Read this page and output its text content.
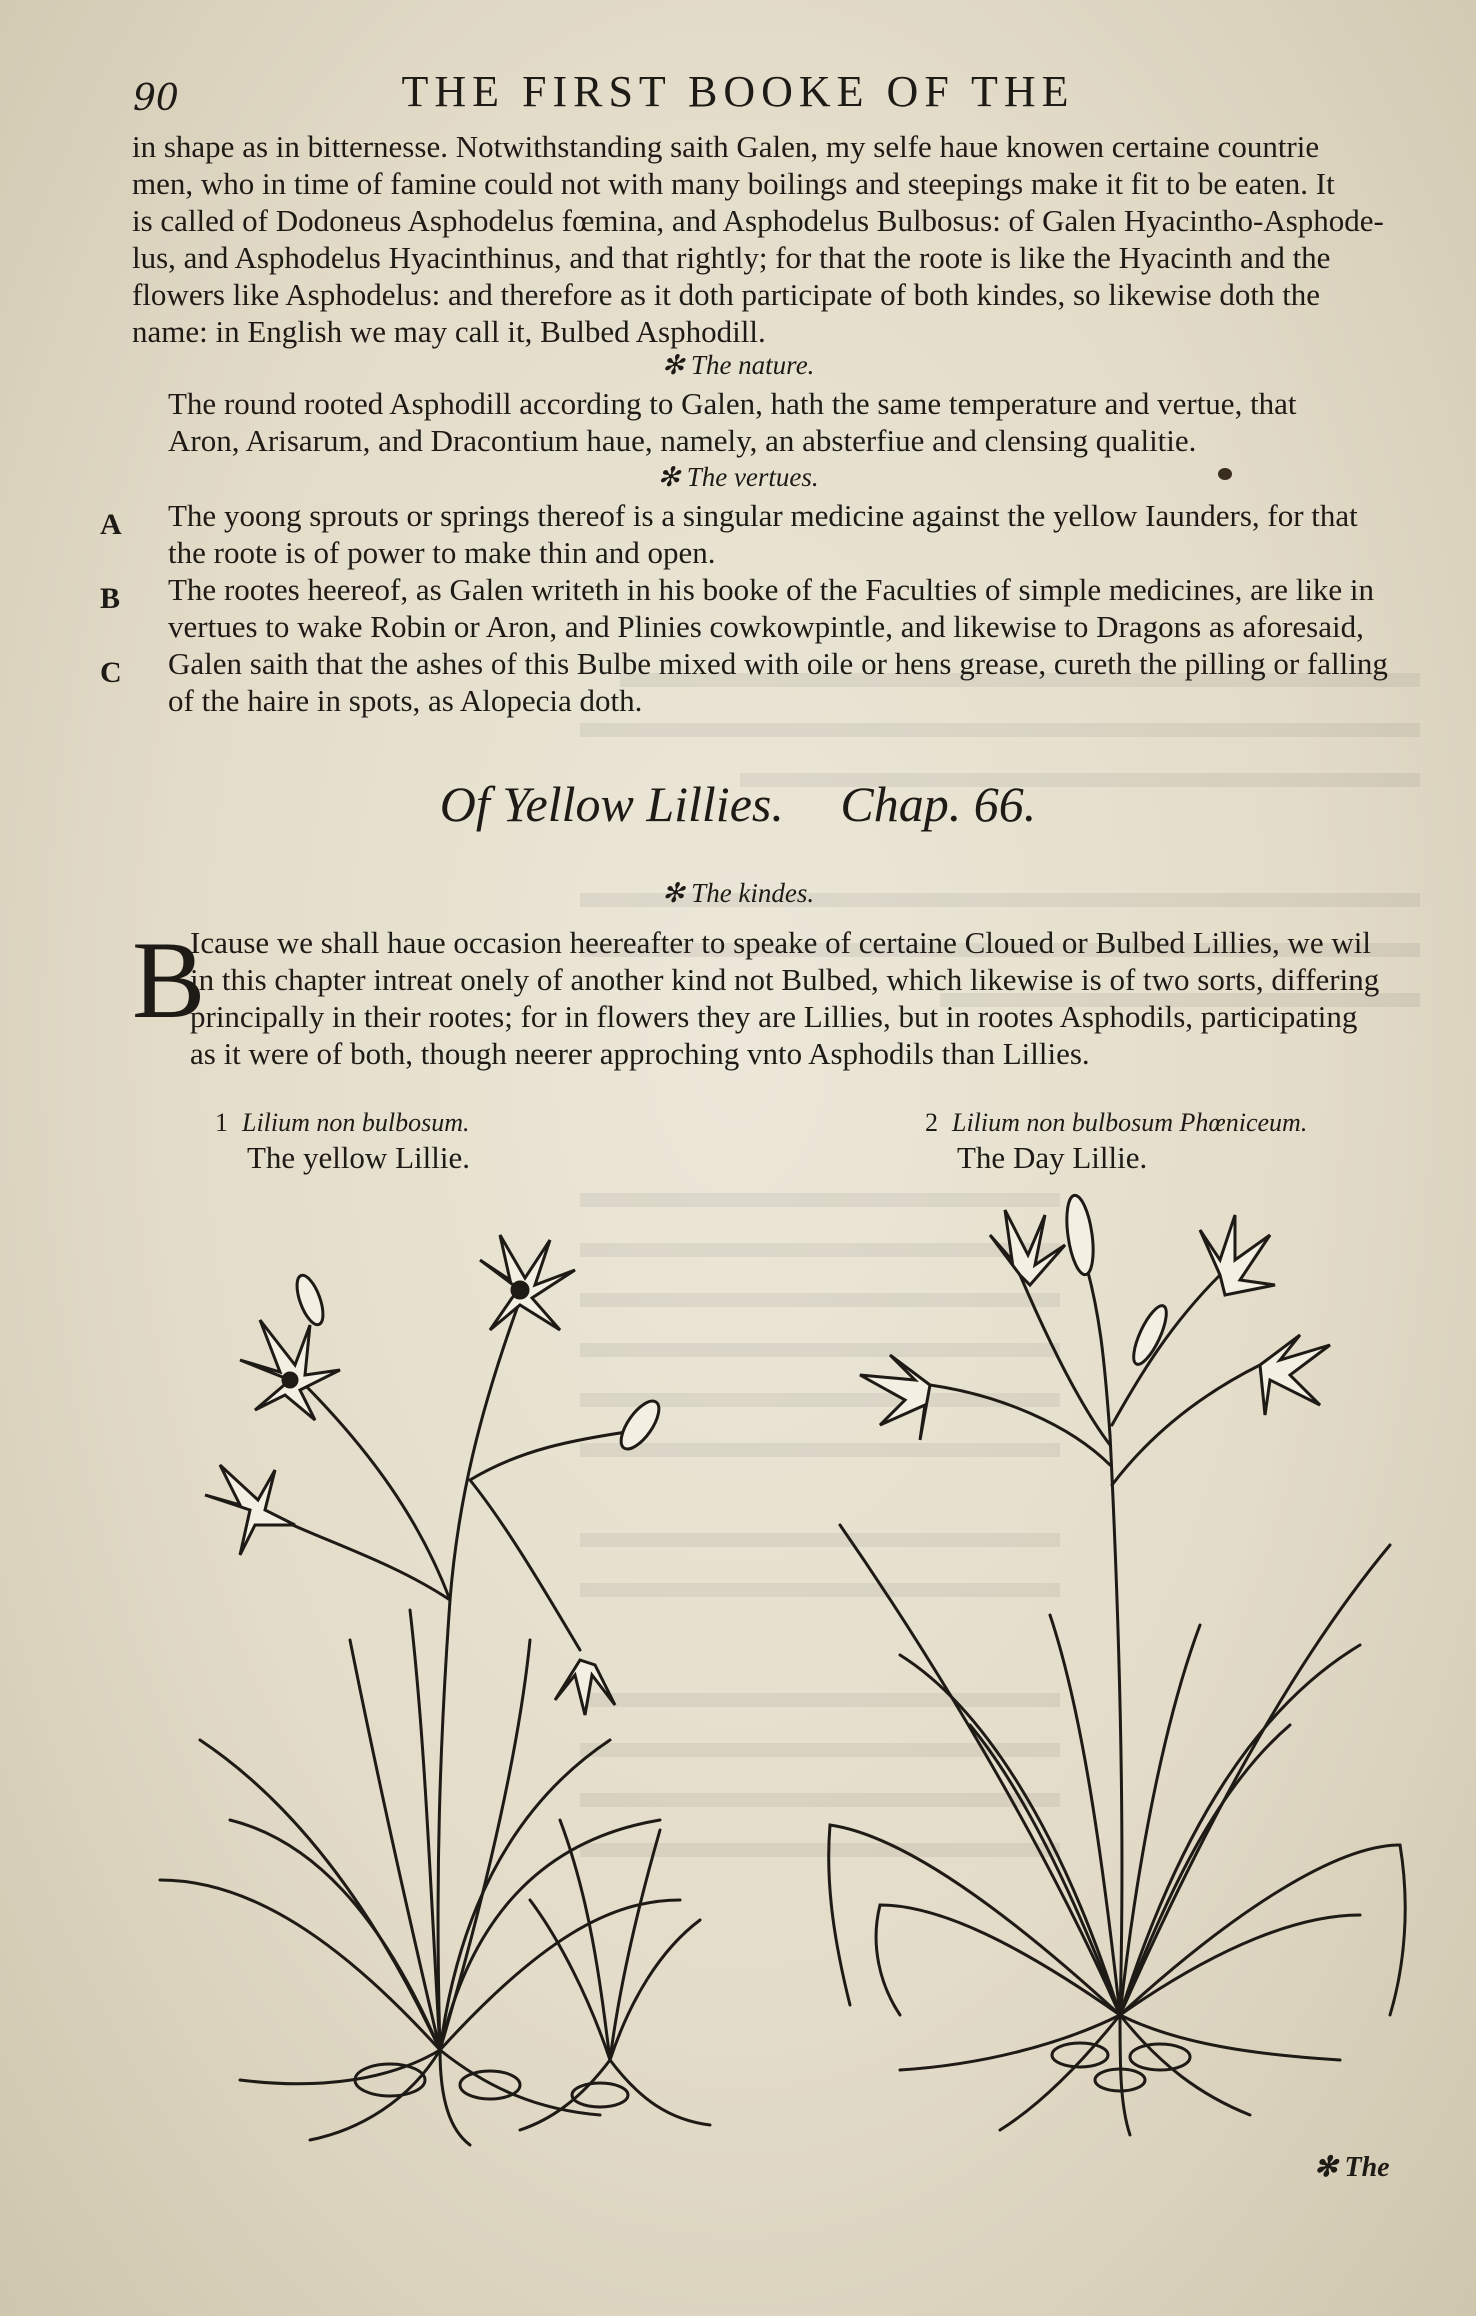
90	THE FIRST BOOKE OF THE
in shape as in bitternesse. Notwithstanding saith Galen, my selfe haue knowen certaine countrie
men, who in time of famine could not with many boilings and steepings make it fit to be eaten. It
is called of Dodoneus Asphodelus fœmina, and Asphodelus Bulbosus: of Galen Hyacintho-Asphode-
lus, and Asphodelus Hyacinthinus, and that rightly; for that the roote is like the Hyacinth and the
flowers like Asphodelus: and therefore as it doth participate of both kindes, so likewise doth the
name: in English we may call it, Bulbed Asphodill.
✻ The nature.
The round rooted Asphodill according to Galen, hath the same temperature and vertue, that
Aron, Arisarum, and Dracontium haue, namely, an absterfiue and clensing qualitie.
✻ The vertues.
A The yoong sprouts or springs thereof is a singular medicine against the yellow Iaunders, for that
the roote is of power to make thin and open.
B The rootes heereof, as Galen writeth in his booke of the Faculties of simple medicines, are like in
vertues to wake Robin or Aron, and Plinies cowkowpintle, and likewise to Dragons as aforesaid,
C Galen saith that the ashes of this Bulbe mixed with oile or hens grease, cureth the pilling or falling
of the haire in spots, as Alopecia doth.
Of Yellow Lillies. Chap. 66.
✻ The kindes.
B
Icause we shall haue occasion heereafter to speake of certaine Cloued or Bulbed Lillies, we wil
in this chapter intreat onely of another kind not Bulbed, which likewise is of two sorts, differing
principally in their rootes; for in flowers they are Lillies, but in rootes Asphodils, participating
as it were of both, though neerer approching vnto Asphodils than Lillies.
1 Lilium non bulbosum.
The yellow Lillie.
2 Lilium non bulbosum Phœniceum.
The Day Lillie.
✻ The
